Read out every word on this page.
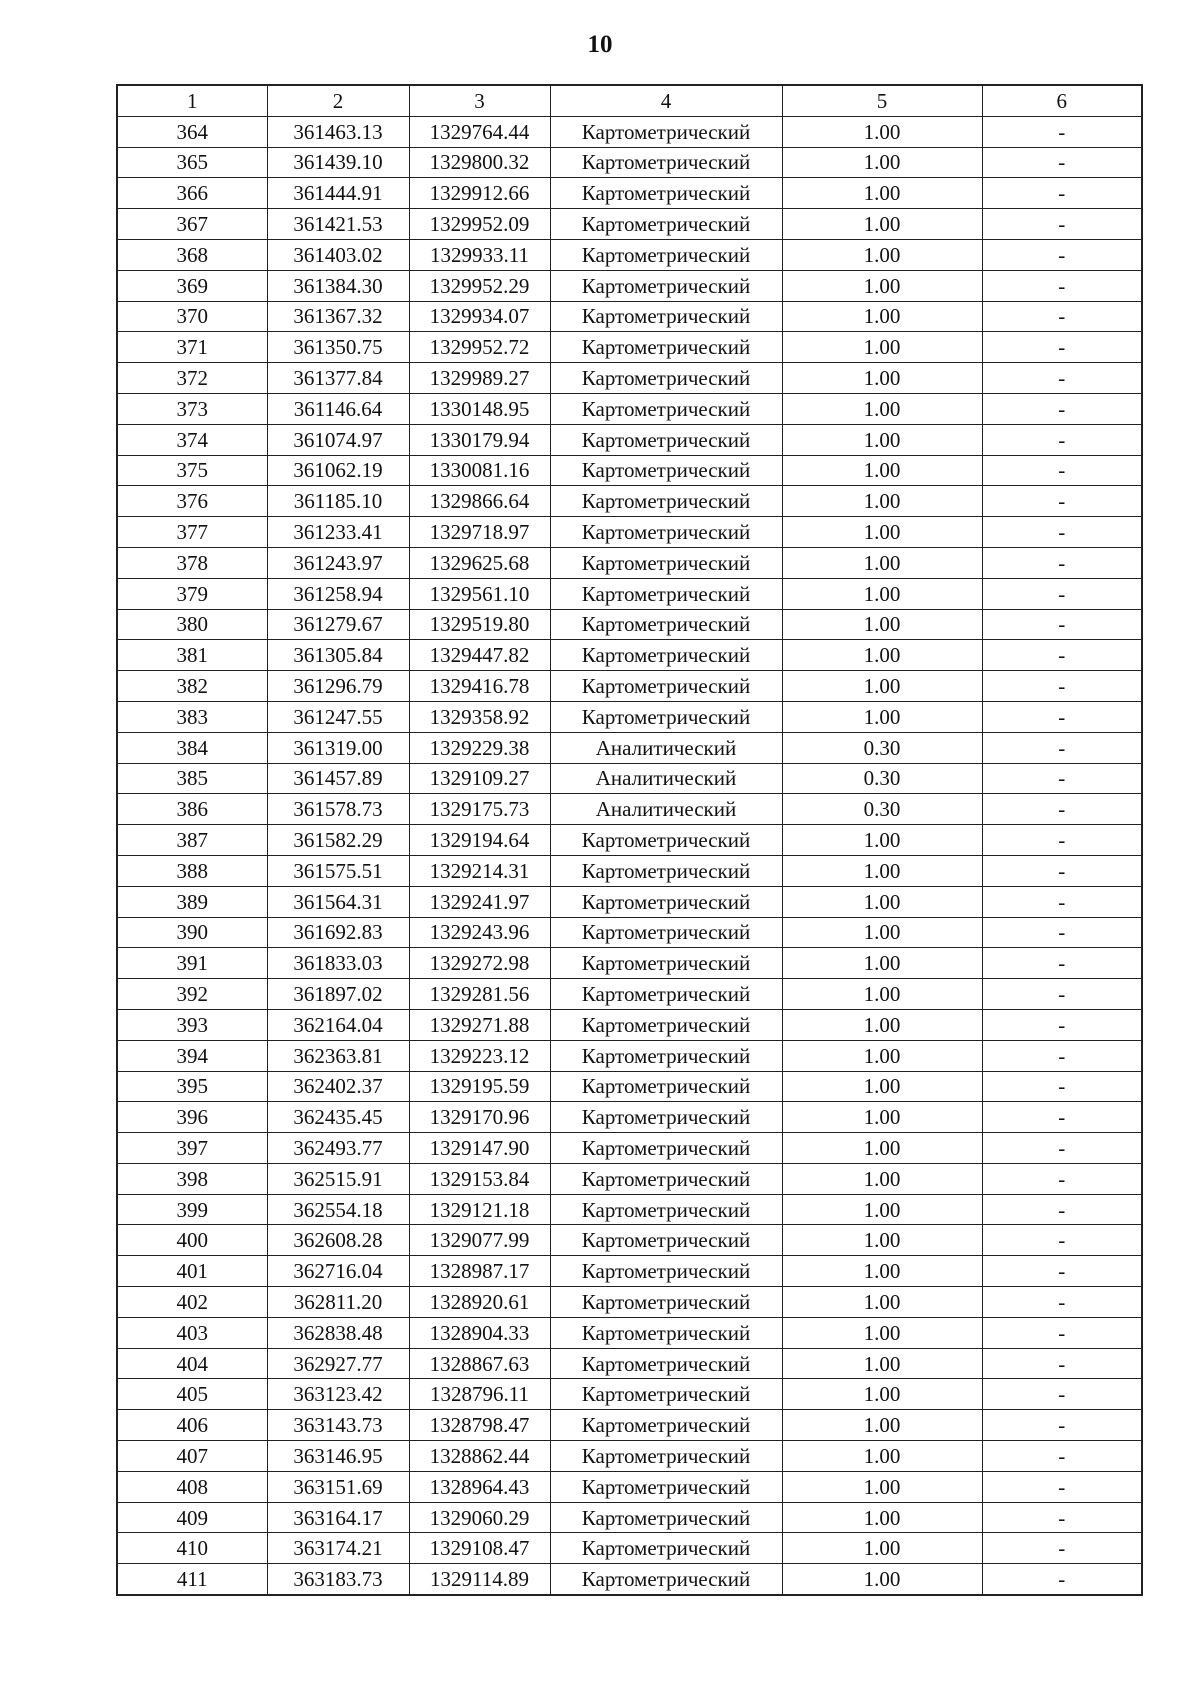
10
1	2	3	4	5	6
364	361463.13	1329764.44	Картометрический	1.00	-
365	361439.10	1329800.32	Картометрический	1.00	-
366	361444.91	1329912.66	Картометрический	1.00	-
367	361421.53	1329952.09	Картометрический	1.00	-
368	361403.02	1329933.11	Картометрический	1.00	-
369	361384.30	1329952.29	Картометрический	1.00	-
370	361367.32	1329934.07	Картометрический	1.00	-
371	361350.75	1329952.72	Картометрический	1.00	-
372	361377.84	1329989.27	Картометрический	1.00	-
373	361146.64	1330148.95	Картометрический	1.00	-
374	361074.97	1330179.94	Картометрический	1.00	-
375	361062.19	1330081.16	Картометрический	1.00	-
376	361185.10	1329866.64	Картометрический	1.00	-
377	361233.41	1329718.97	Картометрический	1.00	-
378	361243.97	1329625.68	Картометрический	1.00	-
379	361258.94	1329561.10	Картометрический	1.00	-
380	361279.67	1329519.80	Картометрический	1.00	-
381	361305.84	1329447.82	Картометрический	1.00	-
382	361296.79	1329416.78	Картометрический	1.00	-
383	361247.55	1329358.92	Картометрический	1.00	-
384	361319.00	1329229.38	Аналитический	0.30	-
385	361457.89	1329109.27	Аналитический	0.30	-
386	361578.73	1329175.73	Аналитический	0.30	-
387	361582.29	1329194.64	Картометрический	1.00	-
388	361575.51	1329214.31	Картометрический	1.00	-
389	361564.31	1329241.97	Картометрический	1.00	-
390	361692.83	1329243.96	Картометрический	1.00	-
391	361833.03	1329272.98	Картометрический	1.00	-
392	361897.02	1329281.56	Картометрический	1.00	-
393	362164.04	1329271.88	Картометрический	1.00	-
394	362363.81	1329223.12	Картометрический	1.00	-
395	362402.37	1329195.59	Картометрический	1.00	-
396	362435.45	1329170.96	Картометрический	1.00	-
397	362493.77	1329147.90	Картометрический	1.00	-
398	362515.91	1329153.84	Картометрический	1.00	-
399	362554.18	1329121.18	Картометрический	1.00	-
400	362608.28	1329077.99	Картометрический	1.00	-
401	362716.04	1328987.17	Картометрический	1.00	-
402	362811.20	1328920.61	Картометрический	1.00	-
403	362838.48	1328904.33	Картометрический	1.00	-
404	362927.77	1328867.63	Картометрический	1.00	-
405	363123.42	1328796.11	Картометрический	1.00	-
406	363143.73	1328798.47	Картометрический	1.00	-
407	363146.95	1328862.44	Картометрический	1.00	-
408	363151.69	1328964.43	Картометрический	1.00	-
409	363164.17	1329060.29	Картометрический	1.00	-
410	363174.21	1329108.47	Картометрический	1.00	-
411	363183.73	1329114.89	Картометрический	1.00	-
